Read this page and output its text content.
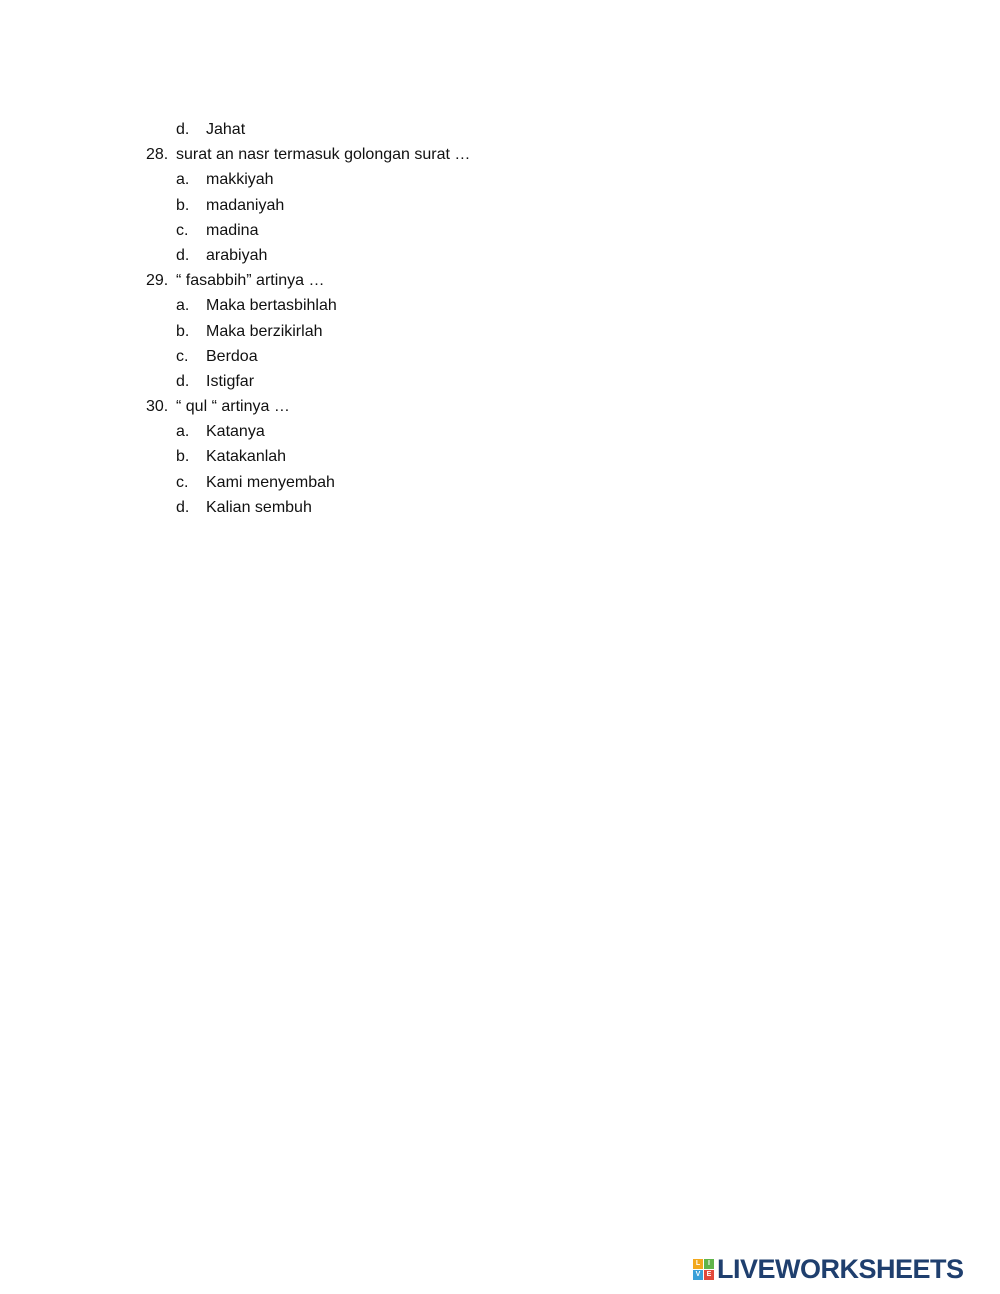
d. Jahat
28. surat an nasr termasuk golongan surat …
a. makkiyah
b. madaniyah
c. madina
d. arabiyah
29. “ fasabbih” artinya …
a. Maka bertasbihlah
b. Maka berzikirlah
c. Berdoa
d. Istigfar
30. “ qul “ artinya …
a. Katanya
b. Katakanlah
c. Kami menyembah
d. Kalian sembuh
L	I
V E LIVEWORKSHEETS
